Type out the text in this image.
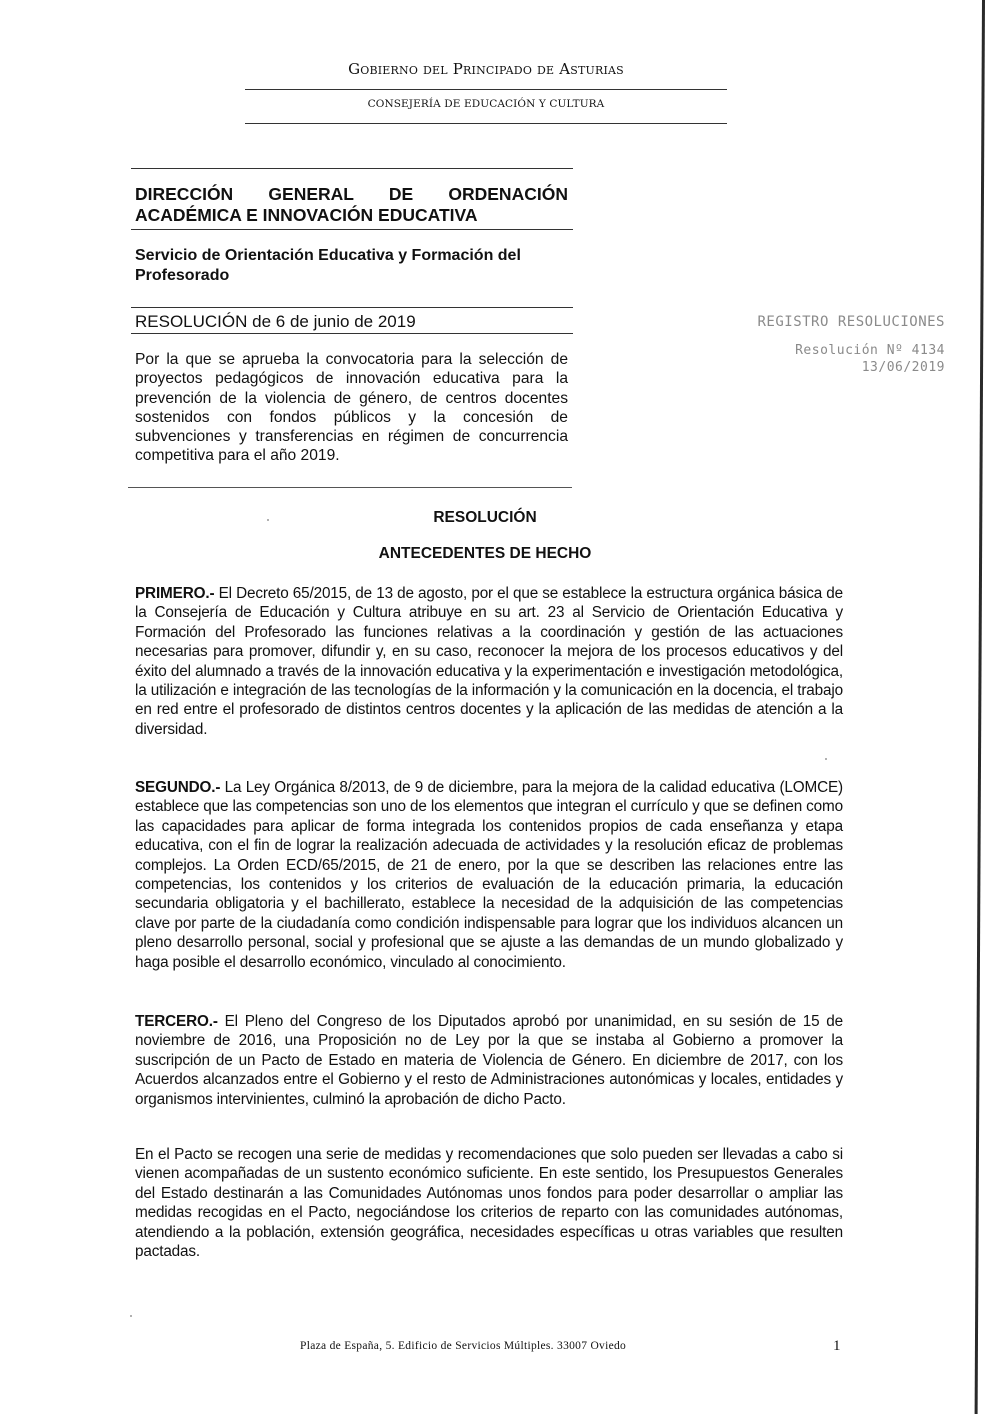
Gobierno del Principado de Asturias
CONSEJERÍA DE EDUCACIÓN Y CULTURA
DIRECCIÓN GENERAL DE ORDENACIÓN
ACADÉMICA E INNOVACIÓN EDUCATIVA
Servicio de Orientación Educativa y Formación del Profesorado
RESOLUCIÓN de 6 de junio de 2019
Por la que se aprueba la convocatoria para la selección de proyectos pedagógicos de innovación educativa para la prevención de la violencia de género, de centros docentes sostenidos con fondos públicos y la concesión de subvenciones y transferencias en régimen de concurrencia competitiva para el año 2019.
REGISTRO RESOLUCIONES
Resolución Nº 4134
13/06/2019
RESOLUCIÓN
ANTECEDENTES DE HECHO
PRIMERO.- El Decreto 65/2015, de 13 de agosto, por el que se establece la estructura orgánica básica de la Consejería de Educación y Cultura atribuye en su art. 23 al Servicio de Orientación Educativa y Formación del Profesorado las funciones relativas a la coordinación y gestión de las actuaciones necesarias para promover, difundir y, en su caso, reconocer la mejora de los procesos educativos y del éxito del alumnado a través de la innovación educativa y la experimentación e investigación metodológica, la utilización e integración de las tecnologías de la información y la comunicación en la docencia, el trabajo en red entre el profesorado de distintos centros docentes y la aplicación de las medidas de atención a la diversidad.
SEGUNDO.- La Ley Orgánica 8/2013, de 9 de diciembre, para la mejora de la calidad educativa (LOMCE) establece que las competencias son uno de los elementos que integran el currículo y que se definen como las capacidades para aplicar de forma integrada los contenidos propios de cada enseñanza y etapa educativa, con el fin de lograr la realización adecuada de actividades y la resolución eficaz de problemas complejos. La Orden ECD/65/2015, de 21 de enero, por la que se describen las relaciones entre las competencias, los contenidos y los criterios de evaluación de la educación primaria, la educación secundaria obligatoria y el bachillerato, establece la necesidad de la adquisición de las competencias clave por parte de la ciudadanía como condición indispensable para lograr que los individuos alcancen un pleno desarrollo personal, social y profesional que se ajuste a las demandas de un mundo globalizado y haga posible el desarrollo económico, vinculado al conocimiento.
TERCERO.- El Pleno del Congreso de los Diputados aprobó por unanimidad, en su sesión de 15 de noviembre de 2016, una Proposición no de Ley por la que se instaba al Gobierno a promover la suscripción de un Pacto de Estado en materia de Violencia de Género. En diciembre de 2017, con los Acuerdos alcanzados entre el Gobierno y el resto de Administraciones autonómicas y locales, entidades y organismos intervinientes, culminó la aprobación de dicho Pacto.
En el Pacto se recogen una serie de medidas y recomendaciones que solo pueden ser llevadas a cabo si vienen acompañadas de un sustento económico suficiente. En este sentido, los Presupuestos Generales del Estado destinarán a las Comunidades Autónomas unos fondos para poder desarrollar o ampliar las medidas recogidas en el Pacto, negociándose los criterios de reparto con las comunidades autónomas, atendiendo a la población, extensión geográfica, necesidades específicas u otras variables que resulten pactadas.
Plaza de España, 5. Edificio de Servicios Múltiples. 33007 Oviedo	1
